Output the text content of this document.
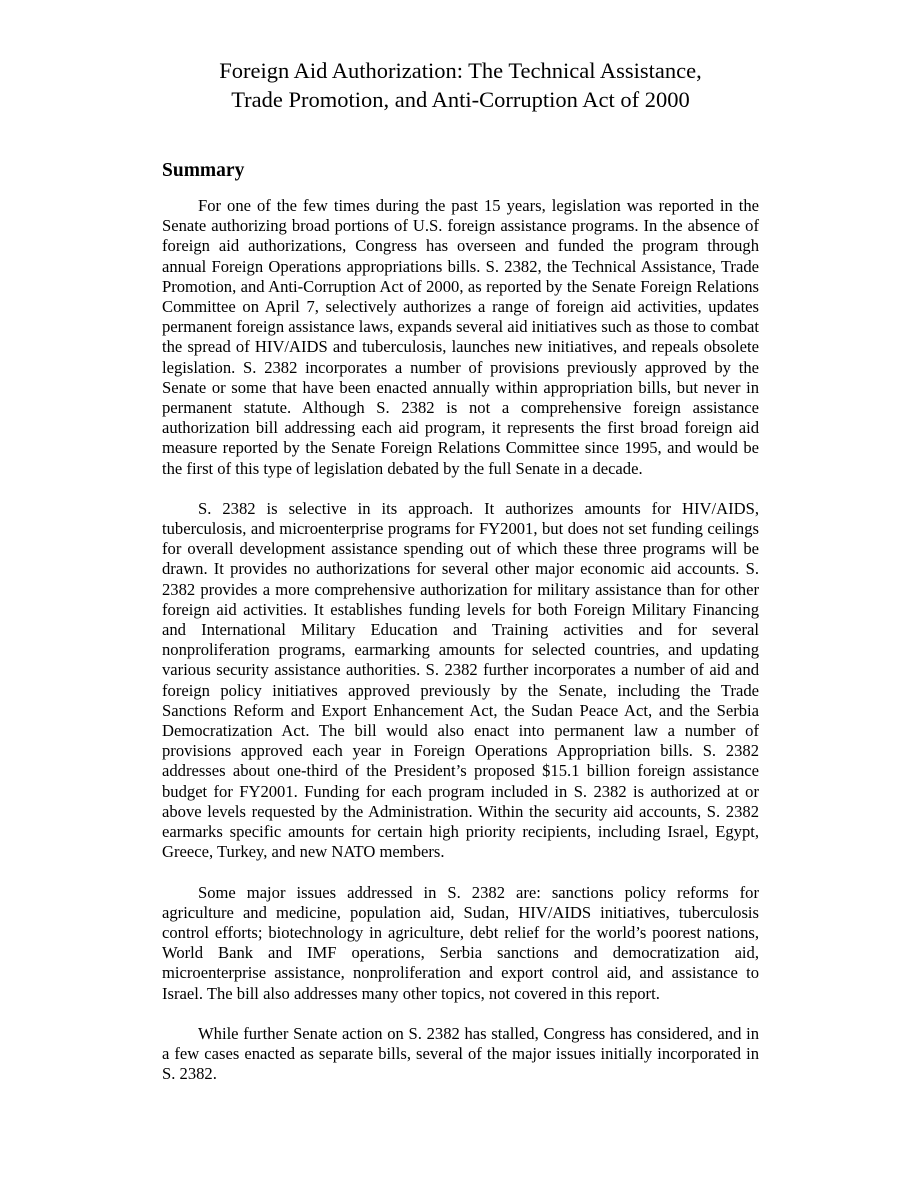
Foreign Aid Authorization: The Technical Assistance,
Trade Promotion, and Anti-Corruption Act of 2000
Summary

For one of the few times during the past 15 years, legislation was reported in the Senate authorizing broad portions of U.S. foreign assistance programs. In the absence of foreign aid authorizations, Congress has overseen and funded the program through annual Foreign Operations appropriations bills. S. 2382, the Technical Assistance, Trade Promotion, and Anti-Corruption Act of 2000, as reported by the Senate Foreign Relations Committee on April 7, selectively authorizes a range of foreign aid activities, updates permanent foreign assistance laws, expands several aid initiatives such as those to combat the spread of HIV/AIDS and tuberculosis, launches new initiatives, and repeals obsolete legislation. S. 2382 incorporates a number of provisions previously approved by the Senate or some that have been enacted annually within appropriation bills, but never in permanent statute. Although S. 2382 is not a comprehensive foreign assistance authorization bill addressing each aid program, it represents the first broad foreign aid measure reported by the Senate Foreign Relations Committee since 1995, and would be the first of this type of legislation debated by the full Senate in a decade.

S. 2382 is selective in its approach. It authorizes amounts for HIV/AIDS, tuberculosis, and microenterprise programs for FY2001, but does not set funding ceilings for overall development assistance spending out of which these three programs will be drawn. It provides no authorizations for several other major economic aid accounts. S. 2382 provides a more comprehensive authorization for military assistance than for other foreign aid activities. It establishes funding levels for both Foreign Military Financing and International Military Education and Training activities and for several nonproliferation programs, earmarking amounts for selected countries, and updating various security assistance authorities. S. 2382 further incorporates a number of aid and foreign policy initiatives approved previously by the Senate, including the Trade Sanctions Reform and Export Enhancement Act, the Sudan Peace Act, and the Serbia Democratization Act. The bill would also enact into permanent law a number of provisions approved each year in Foreign Operations Appropriation bills. S. 2382 addresses about one-third of the President’s proposed $15.1 billion foreign assistance budget for FY2001. Funding for each program included in S. 2382 is authorized at or above levels requested by the Administration. Within the security aid accounts, S. 2382 earmarks specific amounts for certain high priority recipients, including Israel, Egypt, Greece, Turkey, and new NATO members.

Some major issues addressed in S. 2382 are: sanctions policy reforms for agriculture and medicine, population aid, Sudan, HIV/AIDS initiatives, tuberculosis control efforts; biotechnology in agriculture, debt relief for the world’s poorest nations, World Bank and IMF operations, Serbia sanctions and democratization aid, microenterprise assistance, nonproliferation and export control aid, and assistance to Israel. The bill also addresses many other topics, not covered in this report.

While further Senate action on S. 2382 has stalled, Congress has considered, and in a few cases enacted as separate bills, several of the major issues initially incorporated in S. 2382.
